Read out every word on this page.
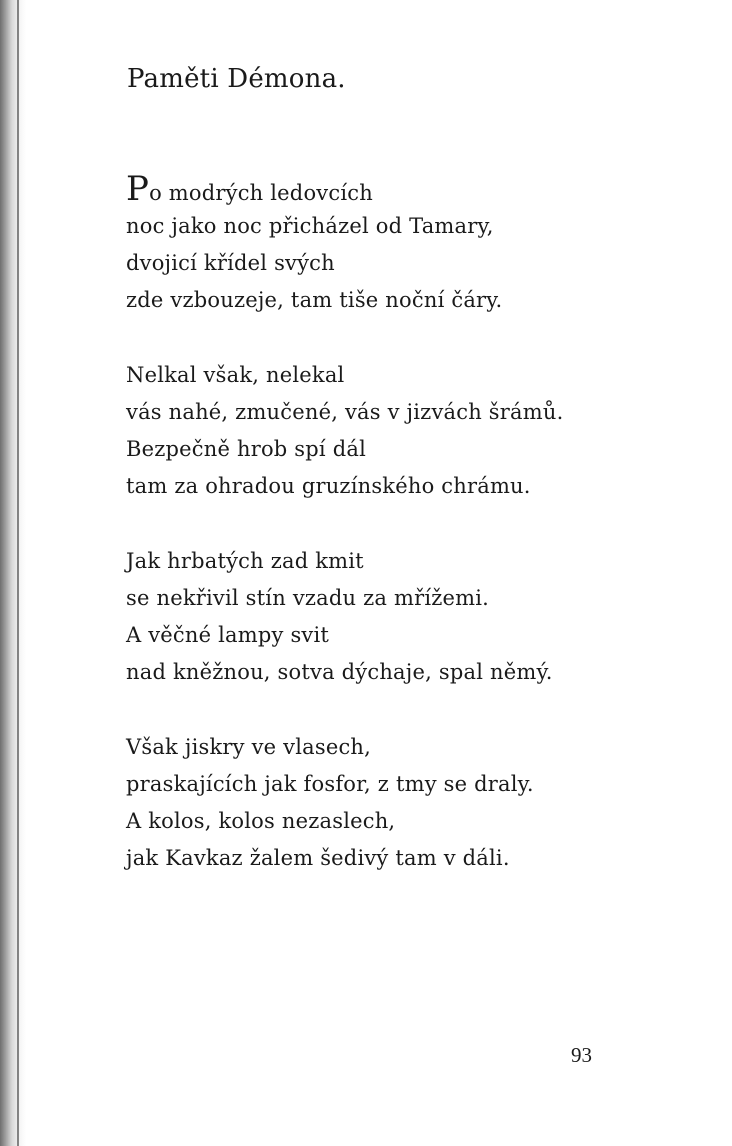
Paměti Démona.
Po modrých ledovcích
noc jako noc přicházel od Tamary,
dvojicí křídel svých
zde vzbouzeje, tam tiše noční čáry.
Nelkal však, nelekal
vás nahé, zmučené, vás v jizvách šrámů.
Bezpečně hrob spí dál
tam za ohradou gruzínského chrámu.
Jak hrbatých zad kmit
se nekřivil stín vzadu za mřížemi.
A věčné lampy svit
nad kněžnou, sotva dýchaje, spal němý.
Však jiskry ve vlasech,
praskajících jak fosfor, z tmy se draly.
A kolos, kolos nezaslech,
jak Kavkaz žalem šedivý tam v dáli.
93
